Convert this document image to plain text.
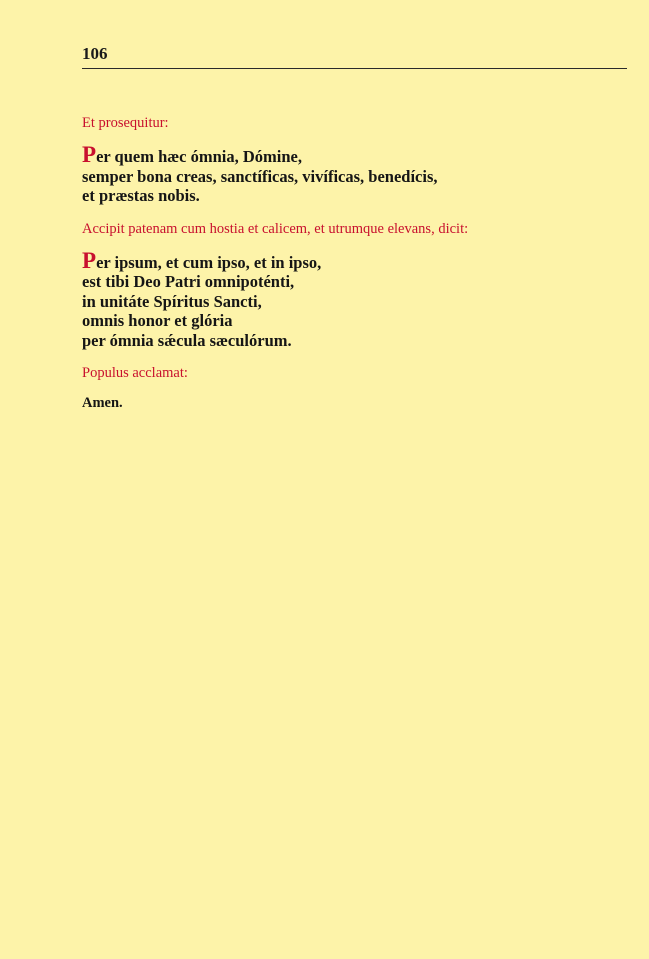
106

Et prosequitur:

Per quem hæc ómnia, Dómine,
semper bona creas, sanctíficas, vivíficas, benedícis,
et præstas nobis.

Accipit patenam cum hostia et calicem, et utrumque elevans, dicit:

Per ipsum, et cum ipso, et in ipso,
est tibi Deo Patri omnipoténti,
in unitáte Spíritus Sancti,
omnis honor et glória
per ómnia sǽcula sæculórum.

Populus acclamat:

Amen.
